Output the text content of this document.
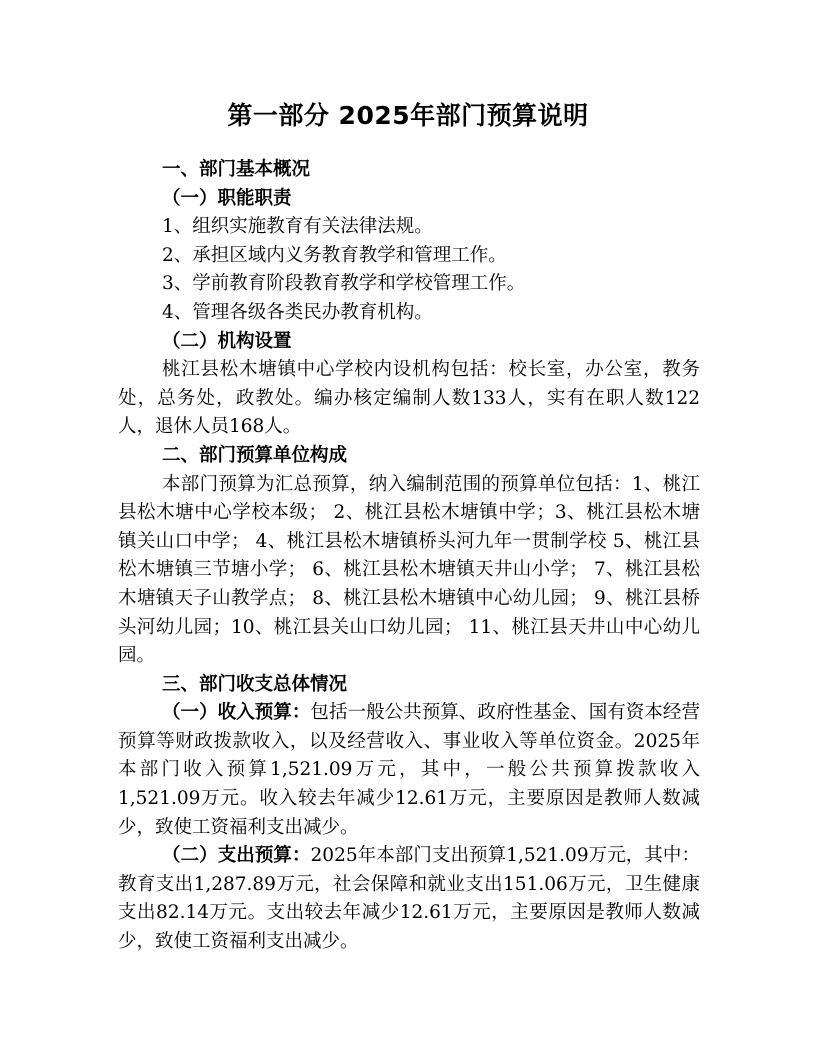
第一部分 2025年部门预算说明
一、部门基本概况
（一）职能职责
1、组织实施教育有关法律法规。
2、承担区域内义务教育教学和管理工作。
3、学前教育阶段教育教学和学校管理工作。
4、管理各级各类民办教育机构。
（二）机构设置
桃江县松木塘镇中心学校内设机构包括：校长室，办公室，教务处，总务处，政教处。编办核定编制人数133人，实有在职人数122人，退休人员168人。
二、部门预算单位构成
本部门预算为汇总预算，纳入编制范围的预算单位包括：1、桃江县松木塘中心学校本级； 2、桃江县松木塘镇中学；3、桃江县松木塘镇关山口中学； 4、桃江县松木塘镇桥头河九年一贯制学校 5、桃江县松木塘镇三节塘小学； 6、桃江县松木塘镇天井山小学； 7、桃江县松木塘镇天子山教学点； 8、桃江县松木塘镇中心幼儿园； 9、桃江县桥头河幼儿园；10、桃江县关山口幼儿园； 11、桃江县天井山中心幼儿园。
三、部门收支总体情况
（一）收入预算：包括一般公共预算、政府性基金、国有资本经营预算等财政拨款收入，以及经营收入、事业收入等单位资金。2025年本部门收入预算1,521.09万元，其中，一般公共预算拨款收入1,521.09万元。收入较去年减少12.61万元，主要原因是教师人数减少，致使工资福利支出减少。
（二）支出预算：2025年本部门支出预算1,521.09万元，其中：教育支出1,287.89万元，社会保障和就业支出151.06万元，卫生健康支出82.14万元。支出较去年减少12.61万元，主要原因是教师人数减少，致使工资福利支出减少。
